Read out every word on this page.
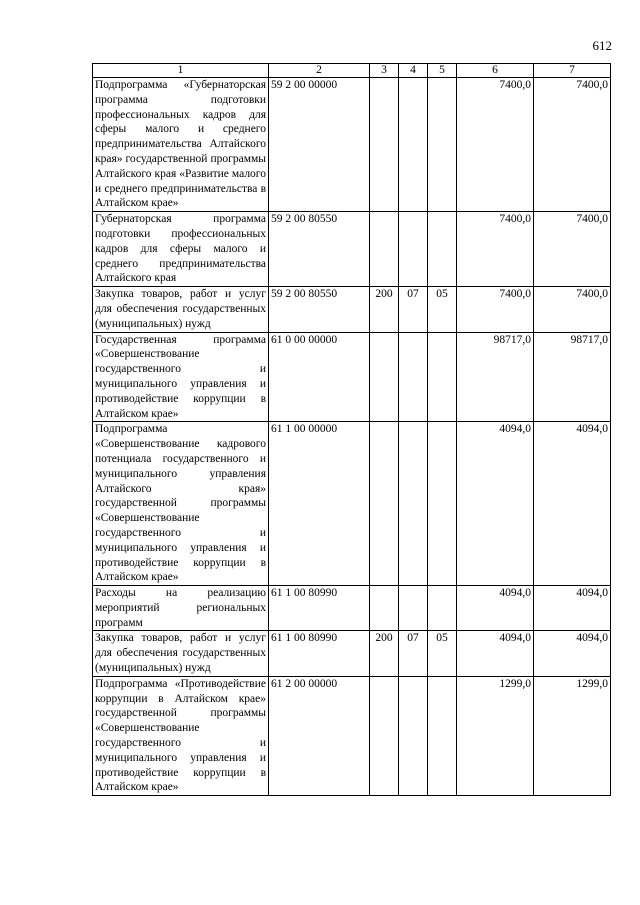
612
1	2	3	4	5	6	7
Подпрограмма «Губернаторская программа подготовки профессиональных кадров для сферы малого и среднего предпринимательства Алтайского края» государственной программы Алтайского края «Развитие малого и среднего предпринимательства в Алтайском крае»	59 2 00 00000				7400,0	7400,0
Губернаторская программа подготовки профессиональных кадров для сферы малого и среднего предпринимательства Алтайского края	59 2 00 80550				7400,0	7400,0
Закупка товаров, работ и услуг для обеспечения государственных (муниципальных) нужд	59 2 00 80550	200	07	05	7400,0	7400,0
Государственная программа «Совершенствование государственного и муниципального управления и противодействие коррупции в Алтайском крае»	61 0 00 00000				98717,0	98717,0
Подпрограмма «Совершенствование кадрового потенциала государственного и муниципального управления Алтайского края» государственной программы «Совершенствование государственного и муниципального управления и противодействие коррупции в Алтайском крае»	61 1 00 00000				4094,0	4094,0
Расходы на реализацию мероприятий региональных программ	61 1 00 80990				4094,0	4094,0
Закупка товаров, работ и услуг для обеспечения государственных (муниципальных) нужд	61 1 00 80990	200	07	05	4094,0	4094,0
Подпрограмма «Противодействие коррупции в Алтайском крае» государственной программы «Совершенствование государственного и муниципального управления и противодействие коррупции в Алтайском крае»	61 2 00 00000				1299,0	1299,0
